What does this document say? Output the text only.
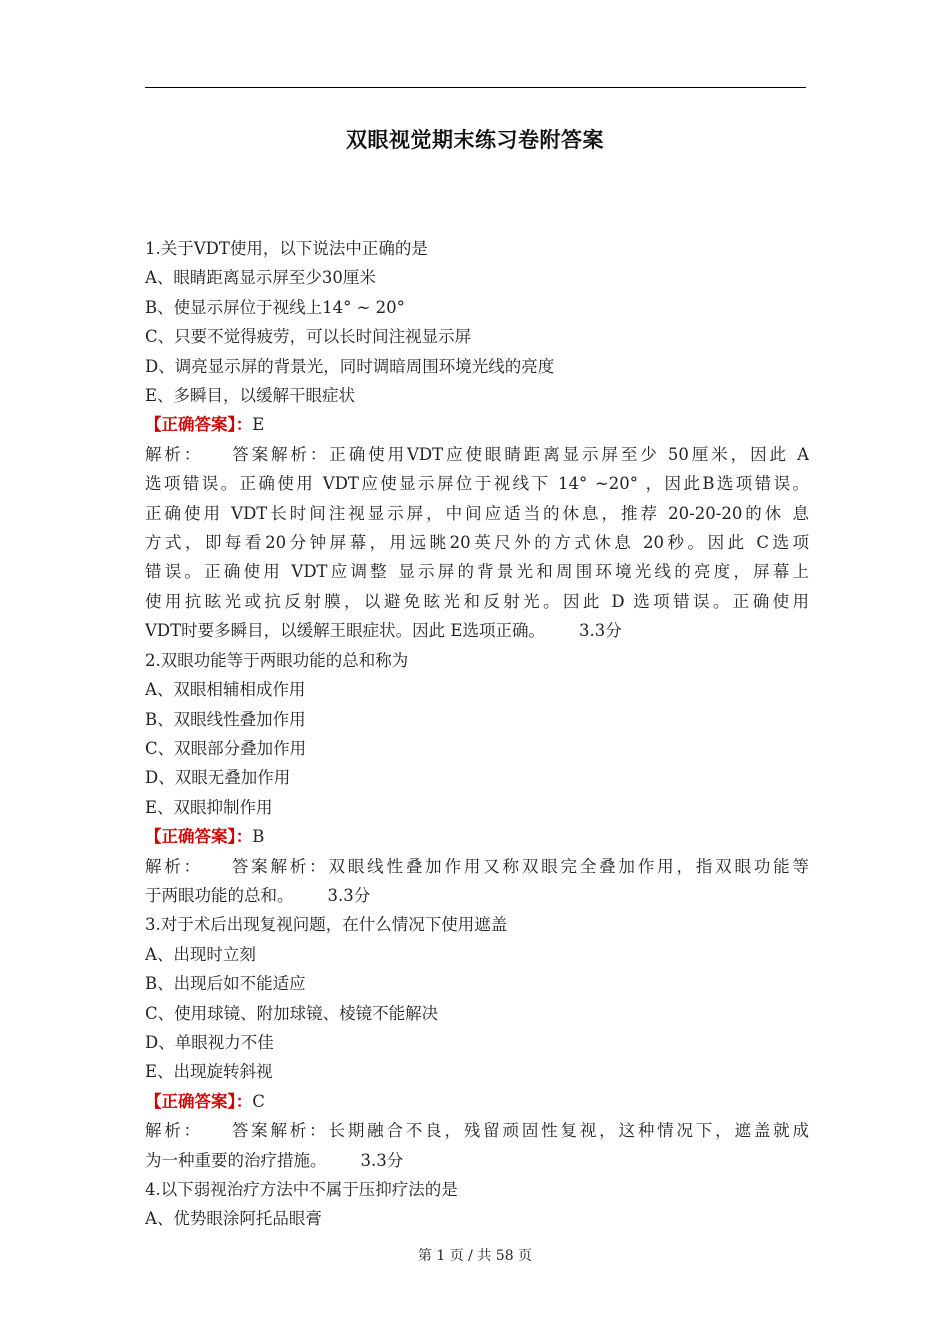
双眼视觉期末练习卷附答案
1.关于VDT使用，以下说法中正确的是
A、眼睛距离显示屏至少30厘米
B、使显示屏位于视线上14° ~ 20°
C、只要不觉得疲劳，可以长时间注视显示屏
D、调亮显示屏的背景光，同时调暗周围环境光线的亮度
E、多瞬目，以缓解干眼症状
【正确答案】：E
解析： 答案解析：正确使用VDT应使眼睛距离显示屏至少 50厘米，因此 A
选项错误。正确使用 VDT应使显示屏位于视线下 14° ~20° ，因此B选项错误。
正确使用 VDT长时间注视显示屏，中间应适当的休息，推荐 20-20-20的休 息
方式，即每看20分钟屏幕，用远眺20英尺外的方式休息 20秒。因此 C选项
错误。正确使用 VDT应调整 显示屏的背景光和周围环境光线的亮度，屏幕上
使用抗眩光或抗反射膜，以避免眩光和反射光。因此 D 选项错误。正确使用
VDT时要多瞬目，以缓解王眼症状。因此 E选项正确。 3.3分
2.双眼功能等于两眼功能的总和称为
A、双眼相辅相成作用
B、双眼线性叠加作用
C、双眼部分叠加作用
D、双眼无叠加作用
E、双眼抑制作用
【正确答案】：B
解析： 答案解析：双眼线性叠加作用又称双眼完全叠加作用，指双眼功能等
于两眼功能的总和。 3.3分
3.对于术后出现复视问题，在什么情况下使用遮盖
A、出现时立刻
B、出现后如不能适应
C、使用球镜、附加球镜、棱镜不能解决
D、单眼视力不佳
E、出现旋转斜视
【正确答案】：C
解析： 答案解析：长期融合不良，残留顽固性复视，这种情况下，遮盖就成
为一种重要的治疗措施。 3.3分
4.以下弱视治疗方法中不属于压抑疗法的是
A、优势眼涂阿托品眼膏
第 1 页 / 共 58 页
